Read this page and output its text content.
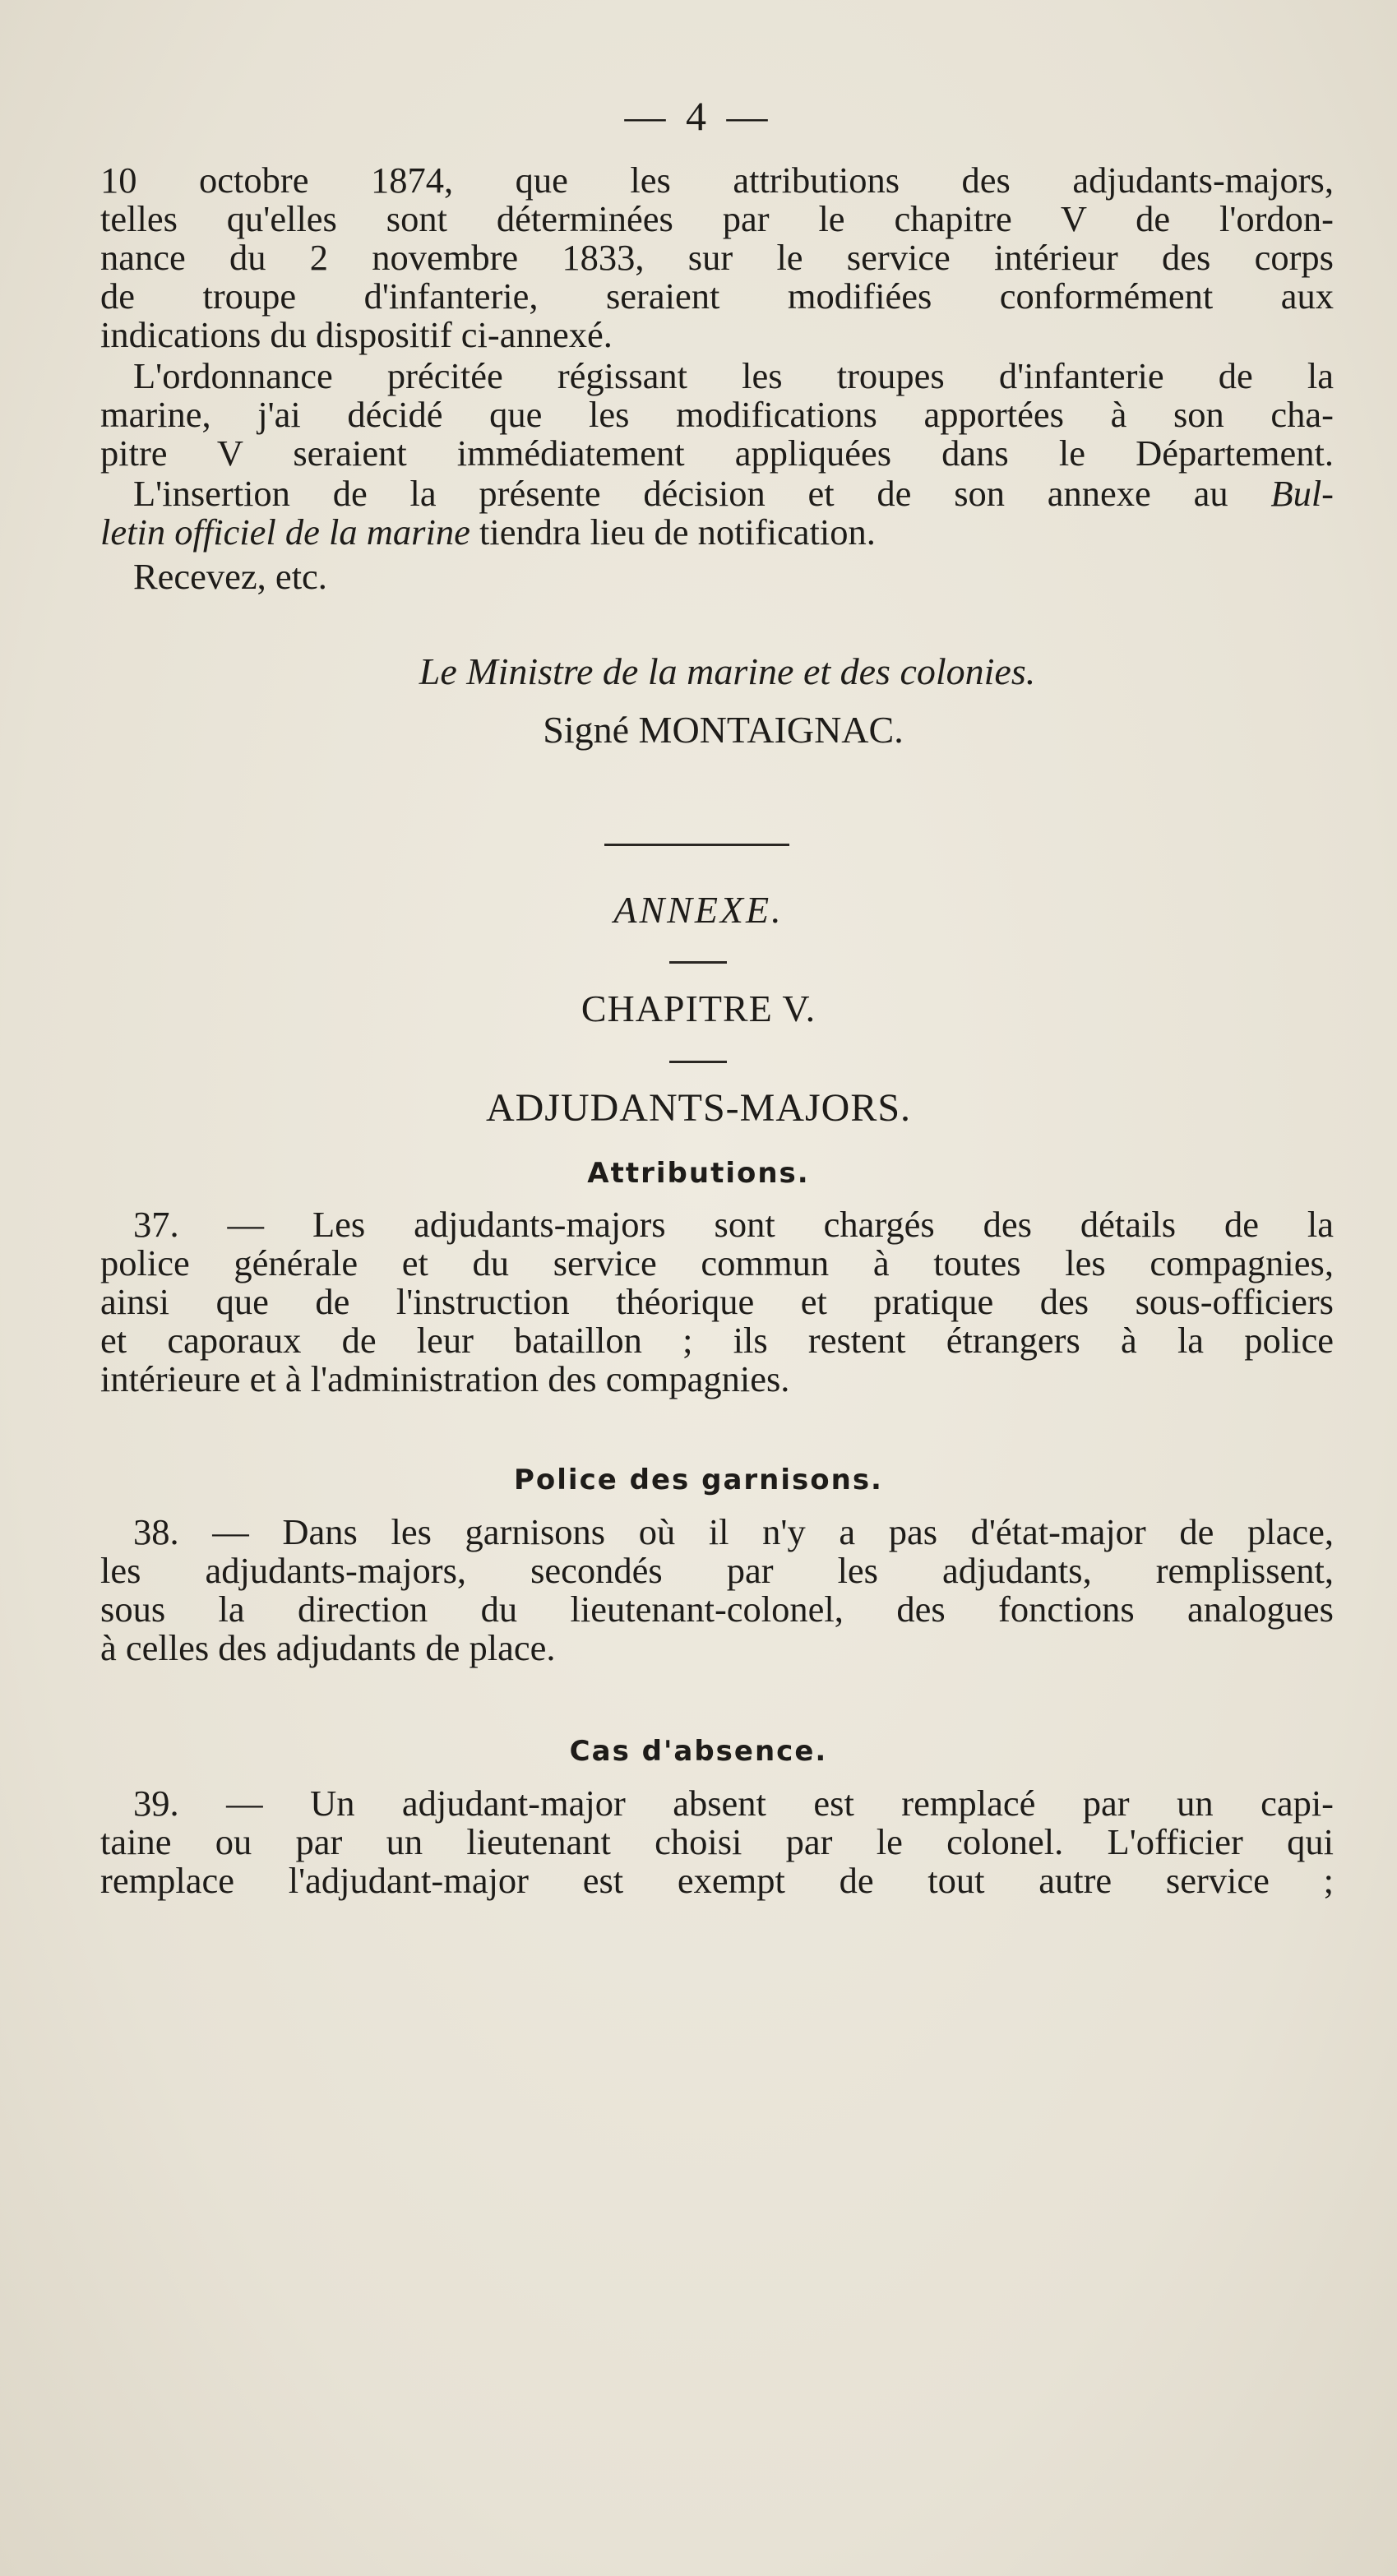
— 4 —
10 octobre 1874, que les attributions des adjudants-majors,
telles qu'elles sont déterminées par le chapitre V de l'ordon-
nance du 2 novembre 1833, sur le service intérieur des corps
de troupe d'infanterie, seraient modifiées conformément aux
indications du dispositif ci-annexé.
L'ordonnance précitée régissant les troupes d'infanterie de la
marine, j'ai décidé que les modifications apportées à son cha-
pitre V seraient immédiatement appliquées dans le Département.
L'insertion de la présente décision et de son annexe au Bul-
letin officiel de la marine tiendra lieu de notification.
Recevez, etc.
Le Ministre de la marine et des colonies.
Signé MONTAIGNAC.
ANNEXE.
CHAPITRE V.
ADJUDANTS-MAJORS.
Attributions.
37. — Les adjudants-majors sont chargés des détails de la
police générale et du service commun à toutes les compagnies,
ainsi que de l'instruction théorique et pratique des sous-officiers
et caporaux de leur bataillon ; ils restent étrangers à la police
intérieure et à l'administration des compagnies.
Police des garnisons.
38. — Dans les garnisons où il n'y a pas d'état-major de place,
les adjudants-majors, secondés par les adjudants, remplissent,
sous la direction du lieutenant-colonel, des fonctions analogues
à celles des adjudants de place.
Cas d'absence.
39. — Un adjudant-major absent est remplacé par un capi-
taine ou par un lieutenant choisi par le colonel. L'officier qui
remplace l'adjudant-major est exempt de tout autre service ;
